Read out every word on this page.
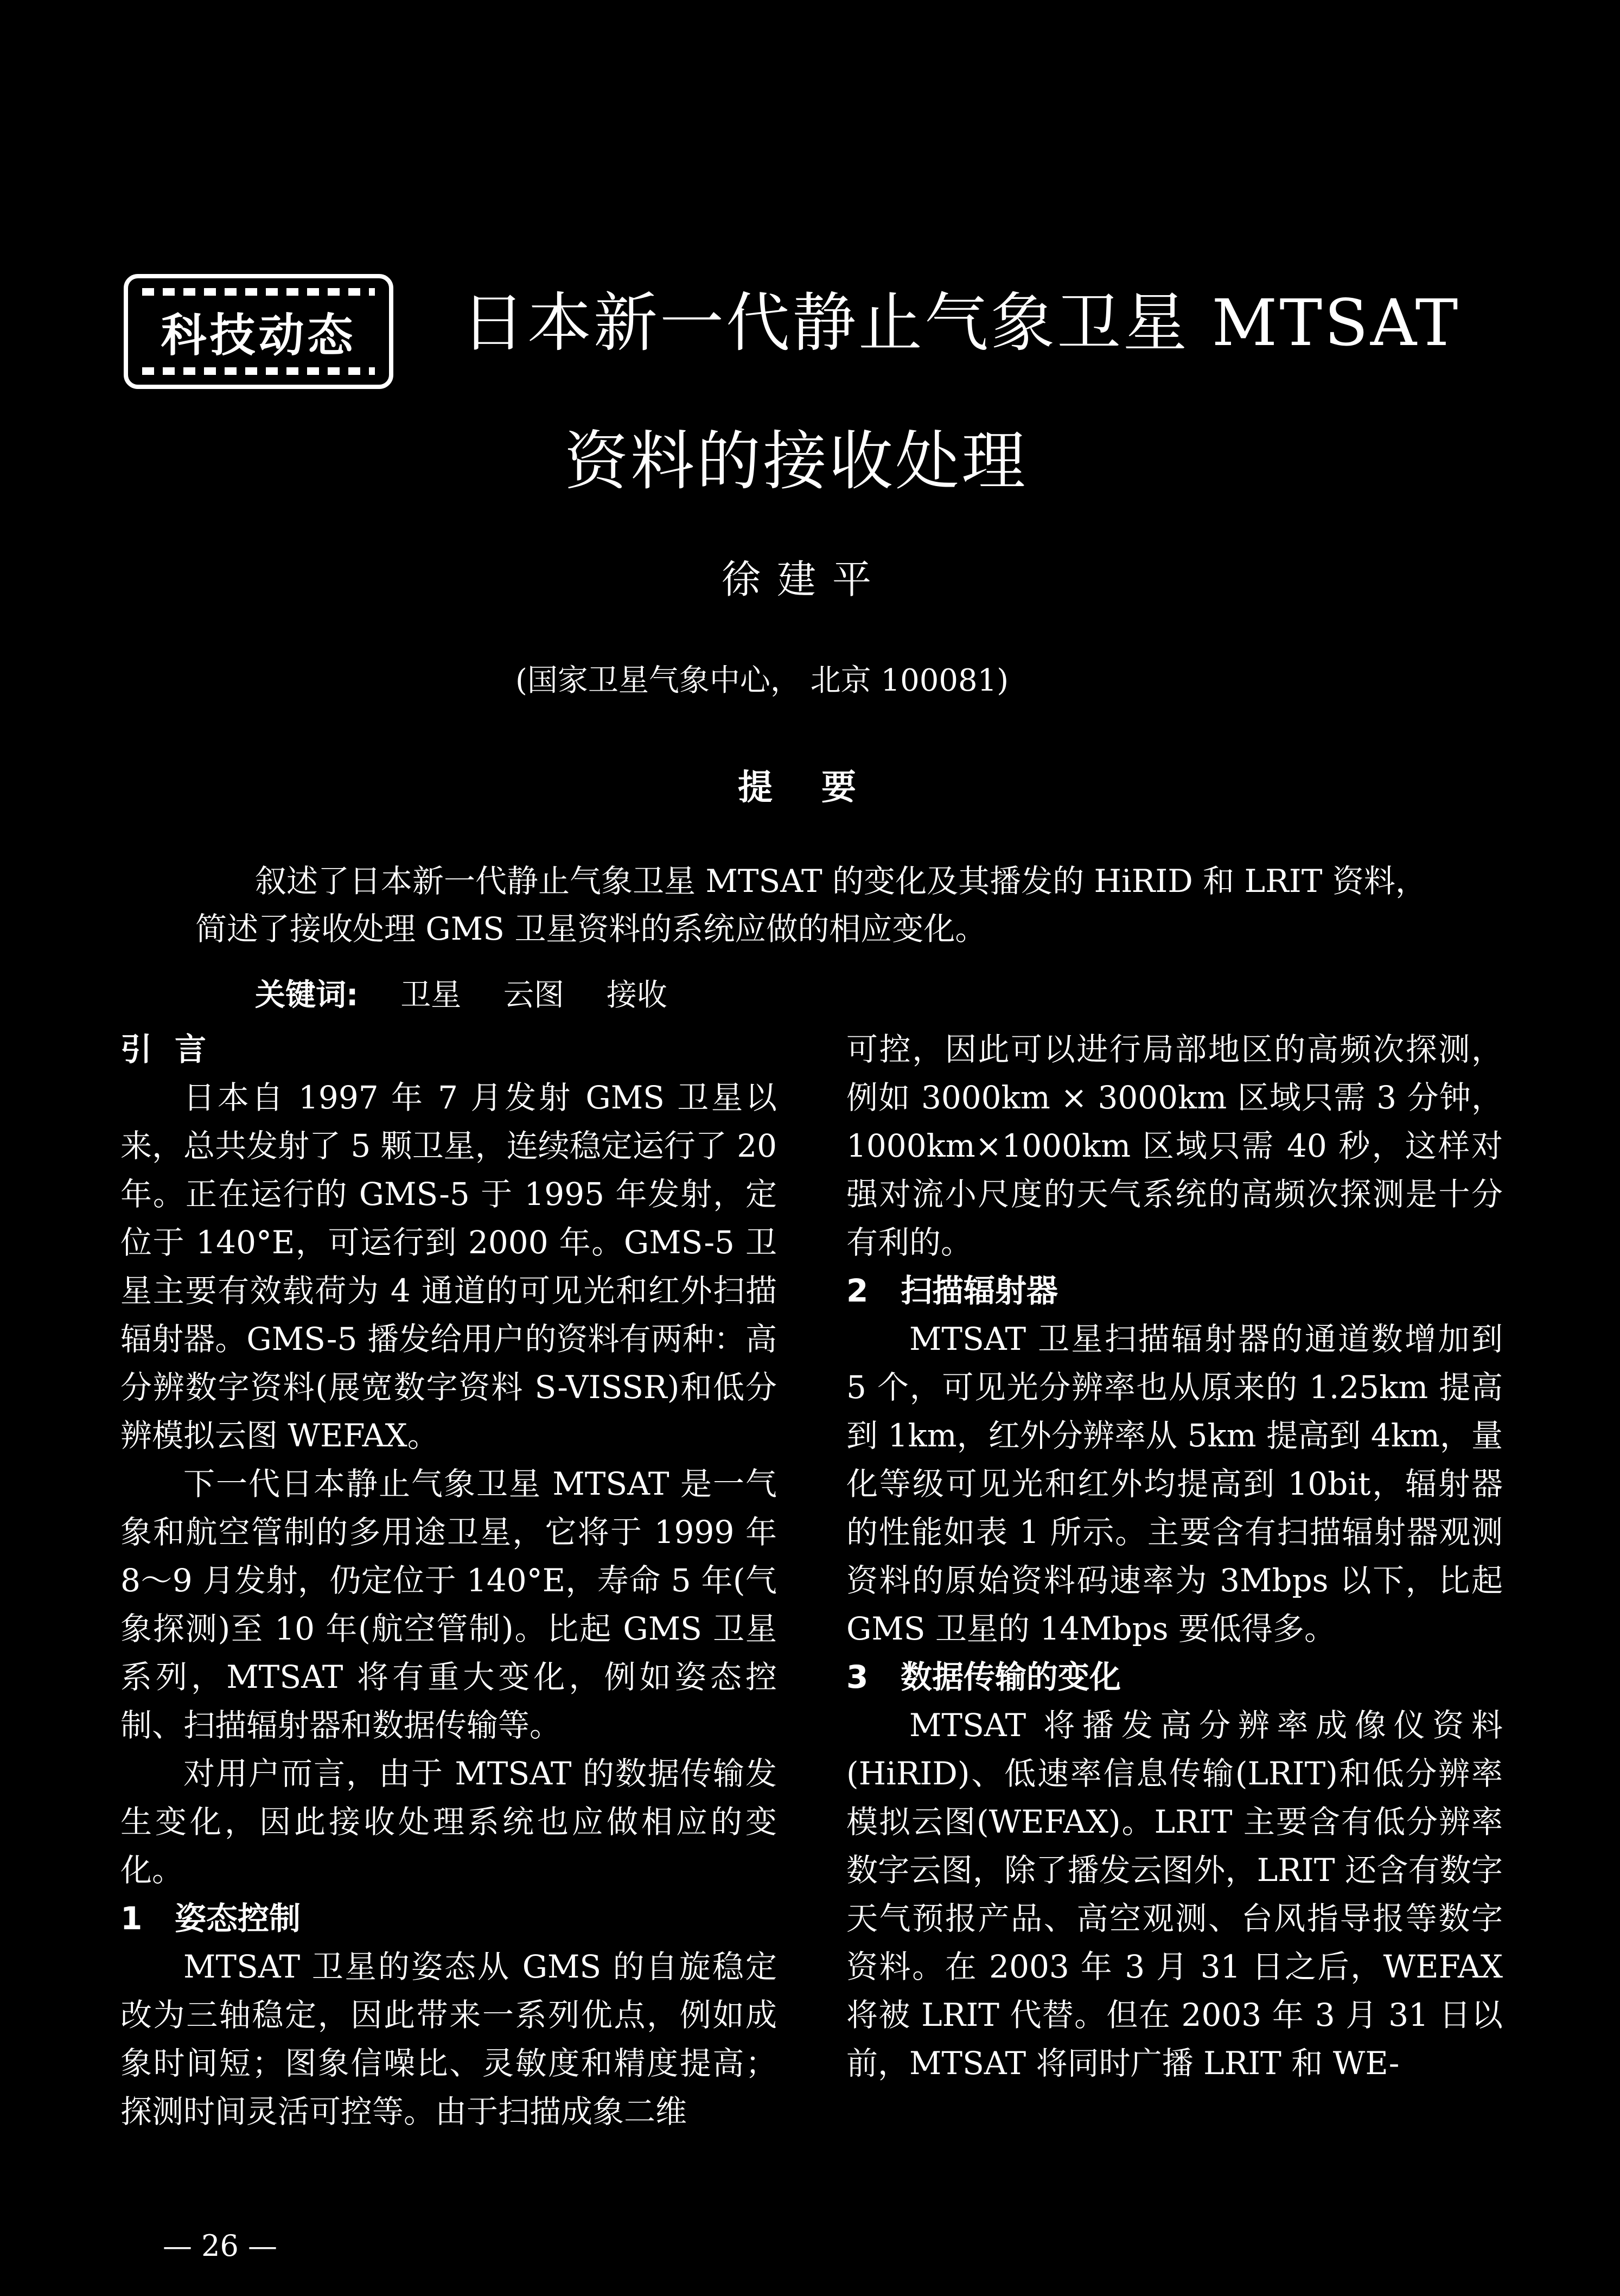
科技动态 日本新一代静止气象卫星 MTSAT
资料的接收处理
徐建平
(国家卫星气象中心， 北京 100081)
提要
叙述了日本新一代静止气象卫星 MTSAT 的变化及其播发的 HiRID 和 LRIT 资料，简述了接收处理 GMS 卫星资料的系统应做的相应变化。
关键词: 卫星 云图 接收
引 言

日本自 1997 年 7 月发射 GMS 卫星以来，总共发射了 5 颗卫星，连续稳定运行了 20 年。正在运行的 GMS-5 于 1995 年发射，定位于 140°E，可运行到 2000 年。GMS-5 卫星主要有效载荷为 4 通道的可见光和红外扫描辐射器。GMS-5 播发给用户的资料有两种：高分辨数字资料(展宽数字资料 S-VISSR)和低分辨模拟云图 WEFAX。

下一代日本静止气象卫星 MTSAT 是一气象和航空管制的多用途卫星，它将于 1999 年 8～9 月发射，仍定位于 140°E，寿命 5 年(气象探测)至 10 年(航空管制)。比起 GMS 卫星系列，MTSAT 将有重大变化，例如姿态控制、扫描辐射器和数据传输等。

对用户而言，由于 MTSAT 的数据传输发生变化，因此接收处理系统也应做相应的变化。

1 姿态控制

MTSAT 卫星的姿态从 GMS 的自旋稳定改为三轴稳定，因此带来一系列优点，例如成象时间短；图象信噪比、灵敏度和精度提高；探测时间灵活可控等。由于扫描成象二维

可控，因此可以进行局部地区的高频次探测，例如 3000km × 3000km 区域只需 3 分钟，1000km×1000km 区域只需 40 秒，这样对强对流小尺度的天气系统的高频次探测是十分有利的。

2 扫描辐射器

MTSAT 卫星扫描辐射器的通道数增加到 5 个，可见光分辨率也从原来的 1.25km 提高到 1km，红外分辨率从 5km 提高到 4km，量化等级可见光和红外均提高到 10bit，辐射器的性能如表 1 所示。主要含有扫描辐射器观测资料的原始资料码速率为 3Mbps 以下，比起 GMS 卫星的 14Mbps 要低得多。

3 数据传输的变化

MTSAT 将播发高分辨率成像仪资料(HiRID)、低速率信息传输(LRIT)和低分辨率模拟云图(WEFAX)。LRIT 主要含有低分辨率数字云图，除了播发云图外，LRIT 还含有数字天气预报产品、高空观测、台风指导报等数字资料。在 2003 年 3 月 31 日之后，WEFAX 将被 LRIT 代替。但在 2003 年 3 月 31 日以前，MTSAT 将同时广播 LRIT 和 WE-

— 26 —
